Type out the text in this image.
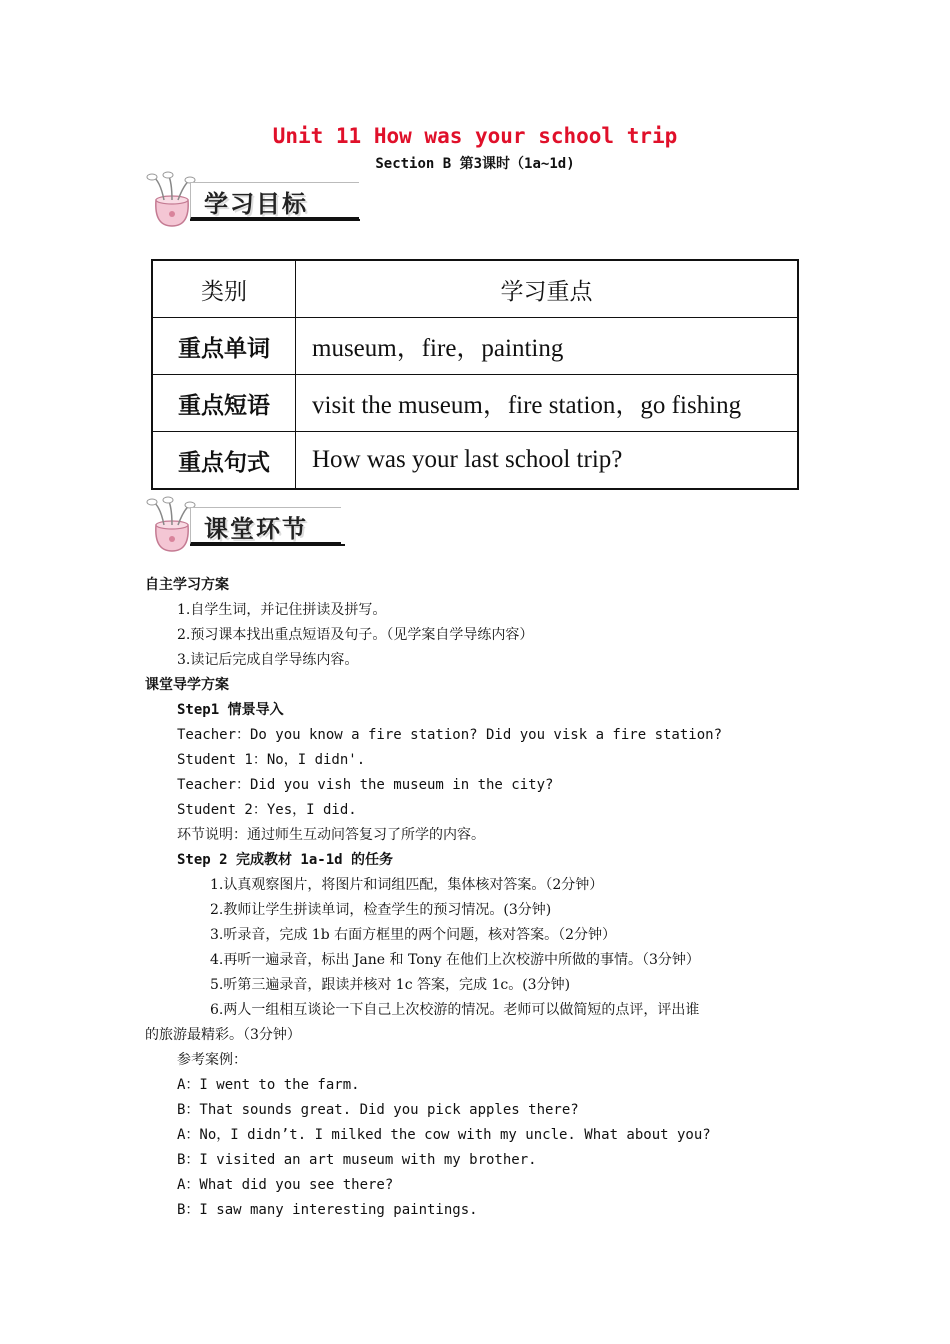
Unit 11 How was your school trip
Section B 第3课时（1a~1d)
学习目标
类别	学习重点
重点单词	museum，fire，painting
重点短语	visit the museum，fire station，go fishing
重点句式	How was your last school trip?
课堂环节
自主学习方案
1.自学生词，并记住拼读及拼写。
2.预习课本找出重点短语及句子。（见学案自学导练内容）
3.读记后完成自学导练内容。
课堂导学方案
Step1 情景导入
Teacher：Do you know a fire station? Did you visk a fire station?
Student 1：No，I didn'.
Teacher：Did you vish the museum in the city?
Student 2：Yes，I did.
环节说明：通过师生互动问答复习了所学的内容。
Step 2 完成教材 1a-1d 的任务
1.认真观察图片，将图片和词组匹配，集体核对答案。（2分钟）
2.教师让学生拼读单词，检查学生的预习情况。(3分钟)
3.听录音，完成 1b 右面方框里的两个问题，核对答案。（2分钟）
4.再听一遍录音，标出 Jane 和 Tony 在他们上次校游中所做的事情。（3分钟）
5.听第三遍录音，跟读并核对 1c 答案，完成 1c。(3分钟)
6.两人一组相互谈论一下自己上次校游的情况。老师可以做简短的点评，评出谁
的旅游最精彩。（3分钟）
参考案例：
A：I went to the farm.
B：That sounds great. Did you pick apples there?
A：No，I didn’t. I milked the cow with my uncle. What about you?
B：I visited an art museum with my brother.
A：What did you see there?
B：I saw many interesting paintings.
